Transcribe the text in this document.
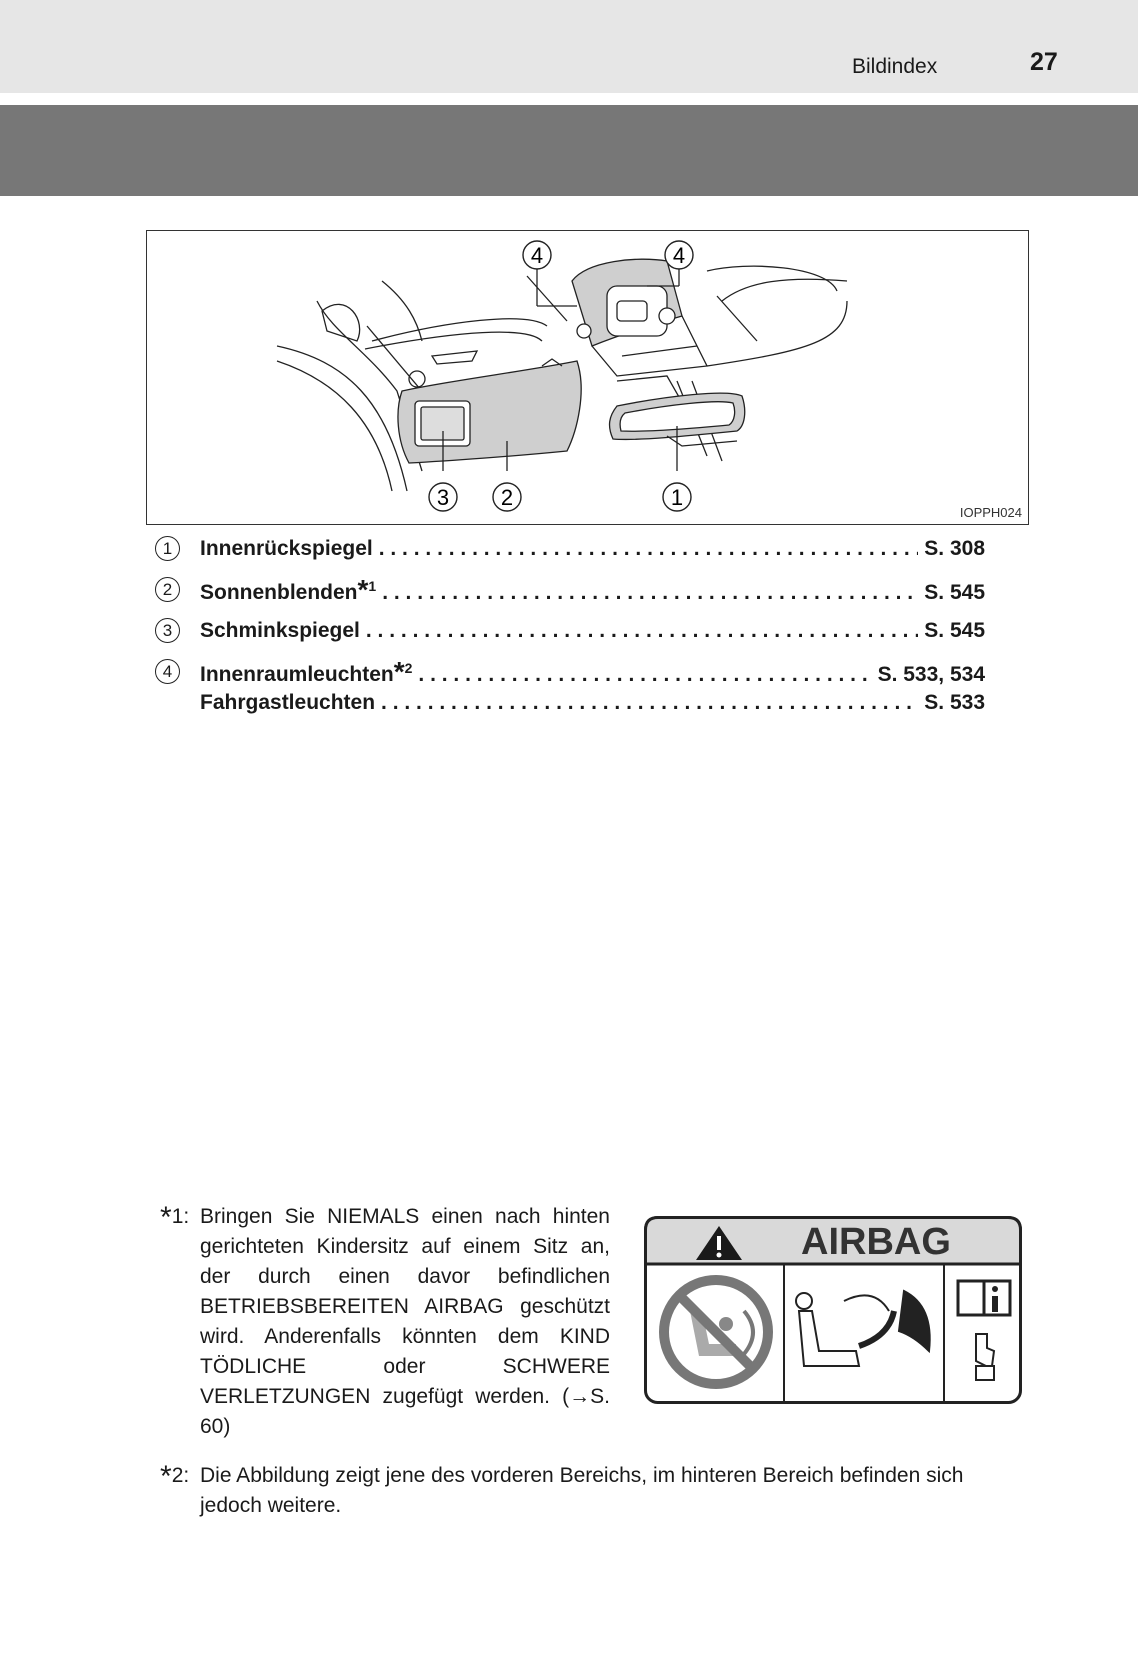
Bildindex	27
4	4
3 2	1
IOPPH024
1	Innenrückspiegel . . .	S. 308
2	Sonnenblenden*$^1$ . . .	S. 545
3	Schminkspiegel . . .	S. 545
4	Innenraumleuchten*$^2$ . . .	S. 533, 534
Fahrgastleuchten . . .	S. 533
*1: Bringen Sie NIEMALS einen nach hinten gerichteten Kindersitz auf einem Sitz an, der durch einen davor befindlichen BETRIEBSBEREITEN AIRBAG geschützt wird. Anderenfalls könnten dem KIND TÖDLICHE oder SCHWERE VERLETZUNGEN zugefügt werden. (→S. 60)
AIRBAG
*2: Die Abbildung zeigt jene des vorderen Bereichs, im hinteren Bereich befinden sich jedoch weitere.
